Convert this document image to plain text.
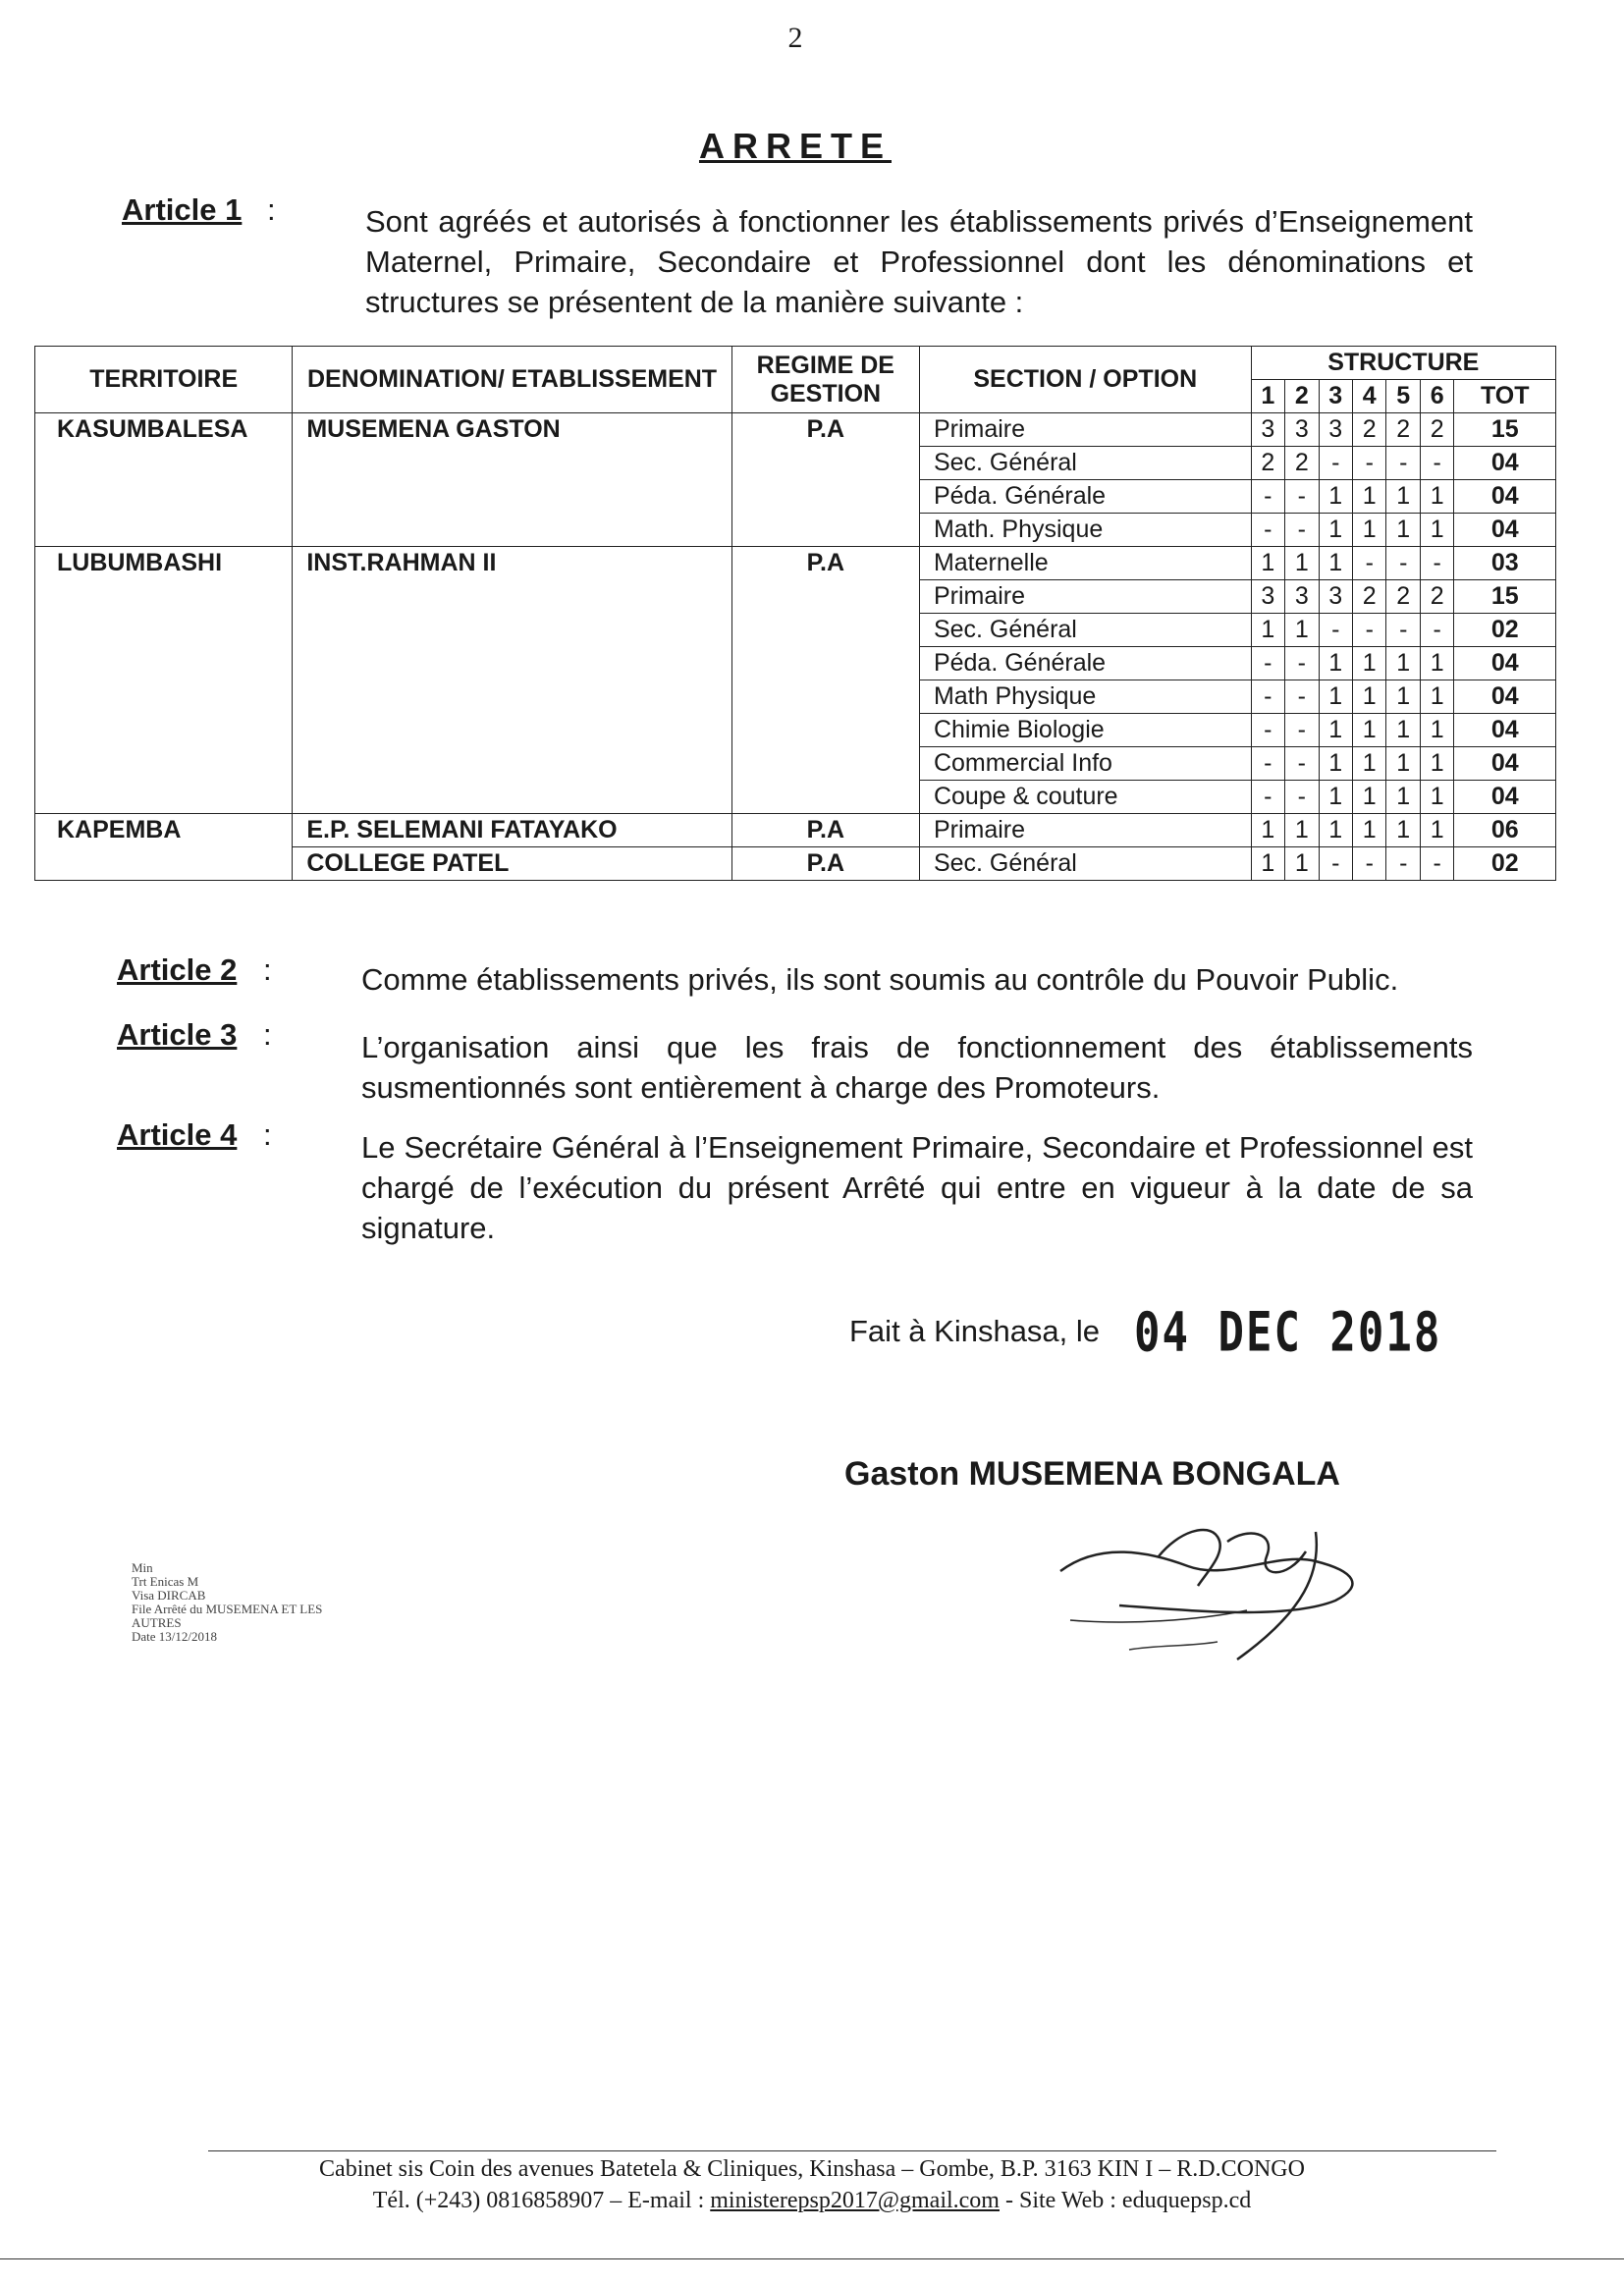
2
ARRETE
Article 1 :	Sont agréés et autorisés à fonctionner les établissements privés d’Enseignement Maternel, Primaire, Secondaire et Professionnel dont les dénominations et structures se présentent de la manière suivante :
TERRITOIRE	DENOMINATION/ ETABLISSEMENT	REGIME DE GESTION	SECTION / OPTION	STRUCTURE						
				1	2	3	4	5	6	TOT
KASUMBALESA	MUSEMENA GASTON	P.A	Primaire	3	3	3	2	2	2	15
			Sec. Général	2	2	-	-	-	-	04
			Péda. Générale	-	-	1	1	1	1	04
			Math. Physique	-	-	1	1	1	1	04
LUBUMBASHI	INST.RAHMAN II	P.A	Maternelle	1	1	1	-	-	-	03
			Primaire	3	3	3	2	2	2	15
			Sec. Général	1	1	-	-	-	-	02
			Péda. Générale	-	-	1	1	1	1	04
			Math Physique	-	-	1	1	1	1	04
			Chimie Biologie	-	-	1	1	1	1	04
			Commercial Info	-	-	1	1	1	1	04
			Coupe & couture	-	-	1	1	1	1	04
KAPEMBA	E.P. SELEMANI FATAYAKO	P.A	Primaire	1	1	1	1	1	1	06
	COLLEGE PATEL	P.A	Sec. Général	1	1	-	-	-	-	02
Article 2 :	Comme établissements privés, ils sont soumis au contrôle du Pouvoir Public.
Article 3 :	L’organisation ainsi que les frais de fonctionnement des établissements susmentionnés sont entièrement à charge des Promoteurs.
Article 4 :	Le Secrétaire Général à l’Enseignement Primaire, Secondaire et Professionnel est chargé de l’exécution du présent Arrêté qui entre en vigueur à la date de sa signature.
Fait à Kinshasa, le 04 DEC 2018
Gaston MUSEMENA BONGALA
Min
Trt Enicas M
Visa DIRCAB
File Arrêté du MUSEMENA ET LES
AUTRES
Date 13/12/2018
Cabinet sis Coin des avenues Batetela & Cliniques, Kinshasa – Gombe, B.P. 3163 KIN I – R.D.CONGO
Tél. (+243) 0816858907 – E-mail : ministerepsp2017@gmail.com - Site Web : eduquepsp.cd
